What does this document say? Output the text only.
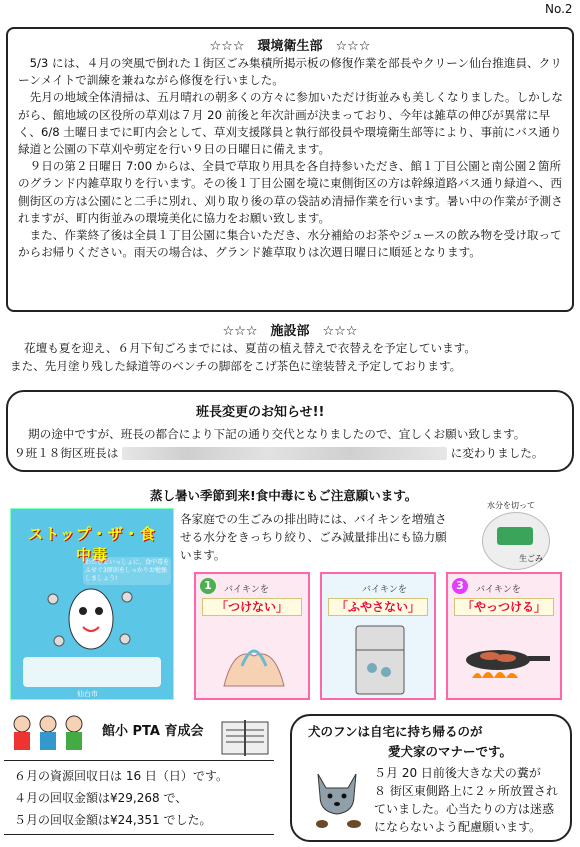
No.2
☆☆☆　環境衛生部　☆☆☆

5/3 には、４月の突風で倒れた１街区ごみ集積所掲示板の修復作業を部長やクリーン仙台推進員、クリーンメイトで訓練を兼ねながら修復を行いました。

先月の地域全体清掃は、五月晴れの朝多くの方々に参加いただけ街並みも美しくなりました。しかしながら、館地域の区役所の草刈は７月 20 前後と年次計画が決まっており、今年は雑草の伸びが異常に早く、6/8 土曜日までに町内会として、草刈支援隊員と執行部役員や環境衛生部等により、事前にバス通り緑道と公園の下草刈や剪定を行い９日の日曜日に備えます。

９日の第２日曜日 7:00 からは、全員で草取り用具を各自持参いただき、館１丁目公園と南公園２箇所のグランド内雑草取りを行います。その後１丁目公園を境に東側街区の方は幹線道路バス通り緑道へ、西側街区の方は公園にと二手に別れ、刈り取り後の草の袋詰め清掃作業を行います。暑い中の作業が予測されますが、町内街並みの環境美化に協力をお願い致します。

また、作業終了後は全員１丁目公園に集合いただき、水分補給のお茶やジュースの飲み物を受け取ってからお帰りください。雨天の場合は、グランド雑草取りは次週日曜日に順延となります。

☆☆☆　施設部　☆☆☆
花壇も夏を迎え、６月下旬ごろまでには、夏苗の植え替えで衣替えを予定しています。
また、先月塗り残した緑道等のベンチの脚部をこげ茶色に塗装替え予定しております。
班長変更のお知らせ!!
期の途中ですが、班長の都合により下記の通り交代となりましたので、宜しくお願い致します。
９班１８街区班長は	に変わりました。
蒸し暑い季節到来!食中毒にもご注意願います。
ストップ・ザ・食中毒
わたしといっしょに、食中毒をふせぐ3原則をしっかりお勉強しましょう!
仙台市
各家庭での生ごみの排出時には、バイキンを増殖させる水分をきっちり絞り、ごみ減量排出にも協力願います。
水分を切って
生ごみ
1	バイキンを
「つけない」
バイキンを
「ふやさない」
3	バイキンを
「やっつける」
館小 PTA 育成会
６月の資源回収日は 16 日（日）です。
４月の回収金額は¥29,268 で、
５月の回収金額は¥24,351 でした。
犬のフンは自宅に持ち帰るのが
愛犬家のマナーです。
５月 20 日前後大きな犬の糞が
８ 街区東側路上に２ヶ所放置され
ていました。心当たりの方は迷惑
にならないよう配慮願います。
